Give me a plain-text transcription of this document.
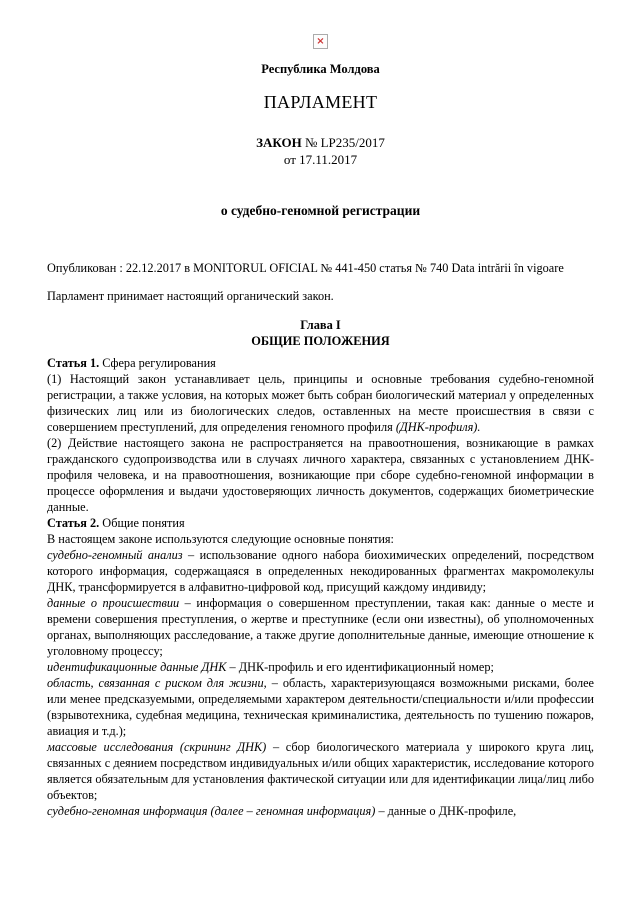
×

Республика Молдова

ПАРЛАМЕНТ

ЗАКОН № LP235/2017

от 17.11.2017

о судебно-геномной регистрации

Опубликован : 22.12.2017 в MONITORUL OFICIAL № 441-450 статья № 740 Data intrării în vigoare

Парламент принимает настоящий органический закон.

Глава I

ОБЩИЕ ПОЛОЖЕНИЯ

Статья 1. Сфера регулирования

(1) Настоящий закон устанавливает цель, принципы и основные требования судебно-геномной регистрации, а также условия, на которых может быть собран биологический материал у определенных физических лиц или из биологических следов, оставленных на месте происшествия в связи с совершением преступлений, для определения геномного профиля (ДНК-профиля).

(2) Действие настоящего закона не распространяется на правоотношения, возникающие в рамках гражданского судопроизводства или в случаях личного характера, связанных с установлением ДНК-профиля человека, и на правоотношения, возникающие при сборе судебно-геномной информации в процессе оформления и выдачи удостоверяющих личность документов, содержащих биометрические данные.

Статья 2. Общие понятия

В настоящем законе используются следующие основные понятия:

судебно-геномный анализ – использование одного набора биохимических определений, посредством которого информация, содержащаяся в определенных некодированных фрагментах макромолекулы ДНК, трансформируется в алфавитно-цифровой код, присущий каждому индивиду;

данные о происшествии – информация о совершенном преступлении, такая как: данные о месте и времени совершения преступления, о жертве и преступнике (если они известны), об уполномоченных органах, выполняющих расследование, а также другие дополнительные данные, имеющие отношение к уголовному процессу;

идентификационные данные ДНК – ДНК-профиль и его идентификационный номер;

область, связанная с риском для жизни, – область, характеризующаяся возможными рисками, более или менее предсказуемыми, определяемыми характером деятельности/специальности и/или профессии (взрывотехника, судебная медицина, техническая криминалистика, деятельность по тушению пожаров, авиация и т.д.);

массовые исследования (скрининг ДНК) – сбор биологического материала у широкого круга лиц, связанных с деянием посредством индивидуальных и/или общих характеристик, исследование которого является обязательным для установления фактической ситуации или для идентификации лица/лиц либо объектов;

судебно-геномная информация (далее – геномная информация) – данные о ДНК-профиле,
